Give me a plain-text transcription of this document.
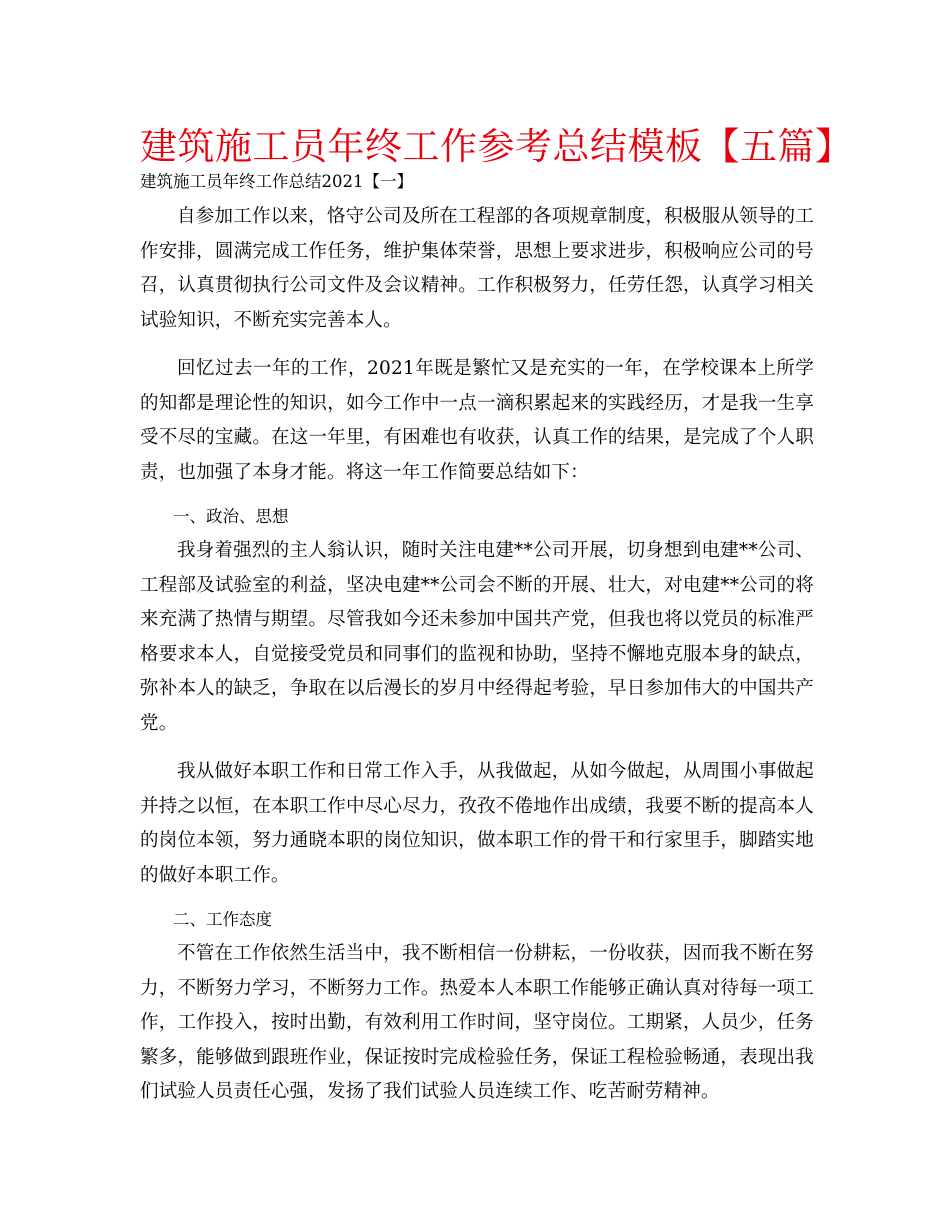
建筑施工员年终工作参考总结模板【五篇】
建筑施工员年终工作总结2021【一】

自参加工作以来，恪守公司及所在工程部的各项规章制度，积极服从领导的工作安排，圆满完成工作任务，维护集体荣誉，思想上要求进步，积极响应公司的号召，认真贯彻执行公司文件及会议精神。工作积极努力，任劳任怨，认真学习相关试验知识，不断充实完善本人。

回忆过去一年的工作，2021年既是繁忙又是充实的一年，在学校课本上所学的知都是理论性的知识，如今工作中一点一滴积累起来的实践经历，才是我一生享受不尽的宝藏。在这一年里，有困难也有收获，认真工作的结果，是完成了个人职责，也加强了本身才能。将这一年工作简要总结如下：

一、政治、思想

我身着强烈的主人翁认识，随时关注电建**公司开展，切身想到电建**公司、工程部及试验室的利益，坚决电建**公司会不断的开展、壮大，对电建**公司的将来充满了热情与期望。尽管我如今还未参加中国共产党，但我也将以党员的标准严格要求本人，自觉接受党员和同事们的监视和协助，坚持不懈地克服本身的缺点，弥补本人的缺乏，争取在以后漫长的岁月中经得起考验，早日参加伟大的中国共产党。

我从做好本职工作和日常工作入手，从我做起，从如今做起，从周围小事做起并持之以恒，在本职工作中尽心尽力，孜孜不倦地作出成绩，我要不断的提高本人的岗位本领，努力通晓本职的岗位知识，做本职工作的骨干和行家里手，脚踏实地的做好本职工作。

二、工作态度

不管在工作依然生活当中，我不断相信一份耕耘，一份收获，因而我不断在努力，不断努力学习，不断努力工作。热爱本人本职工作能够正确认真对待每一项工作，工作投入，按时出勤，有效利用工作时间，坚守岗位。工期紧，人员少，任务繁多，能够做到跟班作业，保证按时完成检验任务，保证工程检验畅通，表现出我们试验人员责任心强，发扬了我们试验人员连续工作、吃苦耐劳精神。
